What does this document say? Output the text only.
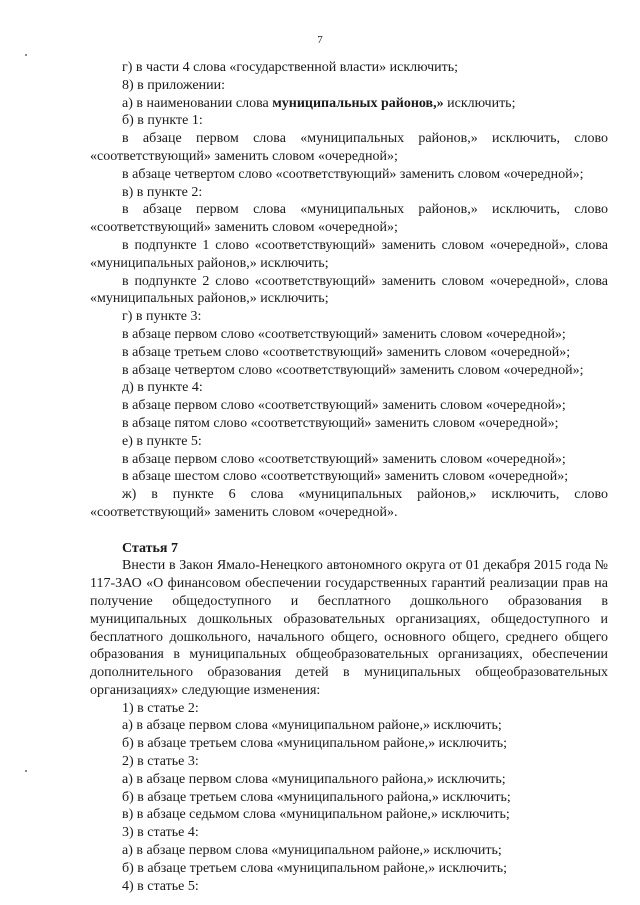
7

г) в части 4 слова «государственной власти» исключить;

8) в приложении:

а) в наименовании слова муниципальных районов,» исключить;

б) в пункте 1:

в абзаце первом слова «муниципальных районов,» исключить, слово «соответствующий» заменить словом «очередной»;

в абзаце четвертом слово «соответствующий» заменить словом «очередной»;

в) в пункте 2:

в абзаце первом слова «муниципальных районов,» исключить, слово «соответствующий» заменить словом «очередной»;

в подпункте 1 слово «соответствующий» заменить словом «очередной», слова «муниципальных районов,» исключить;

в подпункте 2 слово «соответствующий» заменить словом «очередной», слова «муниципальных районов,» исключить;

г) в пункте 3:

в абзаце первом слово «соответствующий» заменить словом «очередной»;

в абзаце третьем слово «соответствующий» заменить словом «очередной»;

в абзаце четвертом слово «соответствующий» заменить словом «очередной»;

д) в пункте 4:

в абзаце первом слово «соответствующий» заменить словом «очередной»;

в абзаце пятом слово «соответствующий» заменить словом «очередной»;

е) в пункте 5:

в абзаце первом слово «соответствующий» заменить словом «очередной»;

в абзаце шестом слово «соответствующий» заменить словом «очередной»;

ж) в пункте 6 слова «муниципальных районов,» исключить, слово «соответствующий» заменить словом «очередной».

Статья 7

Внести в Закон Ямало-Ненецкого автономного округа от 01 декабря 2015 года № 117-ЗАО «О финансовом обеспечении государственных гарантий реализации прав на получение общедоступного и бесплатного дошкольного образования в муниципальных дошкольных образовательных организациях, общедоступного и бесплатного дошкольного, начального общего, основного общего, среднего общего образования в муниципальных общеобразовательных организациях, обеспечении дополнительного образования детей в муниципальных общеобразовательных организациях» следующие изменения:

1) в статье 2:

а) в абзаце первом слова «муниципальном районе,» исключить;

б) в абзаце третьем слова «муниципальном районе,» исключить;

2) в статье 3:

а) в абзаце первом слова «муниципального района,» исключить;

б) в абзаце третьем слова «муниципального района,» исключить;

в) в абзаце седьмом слова «муниципальном районе,» исключить;

3) в статье 4:

а) в абзаце первом слова «муниципальном районе,» исключить;

б) в абзаце третьем слова «муниципальном районе,» исключить;

4) в статье 5:
